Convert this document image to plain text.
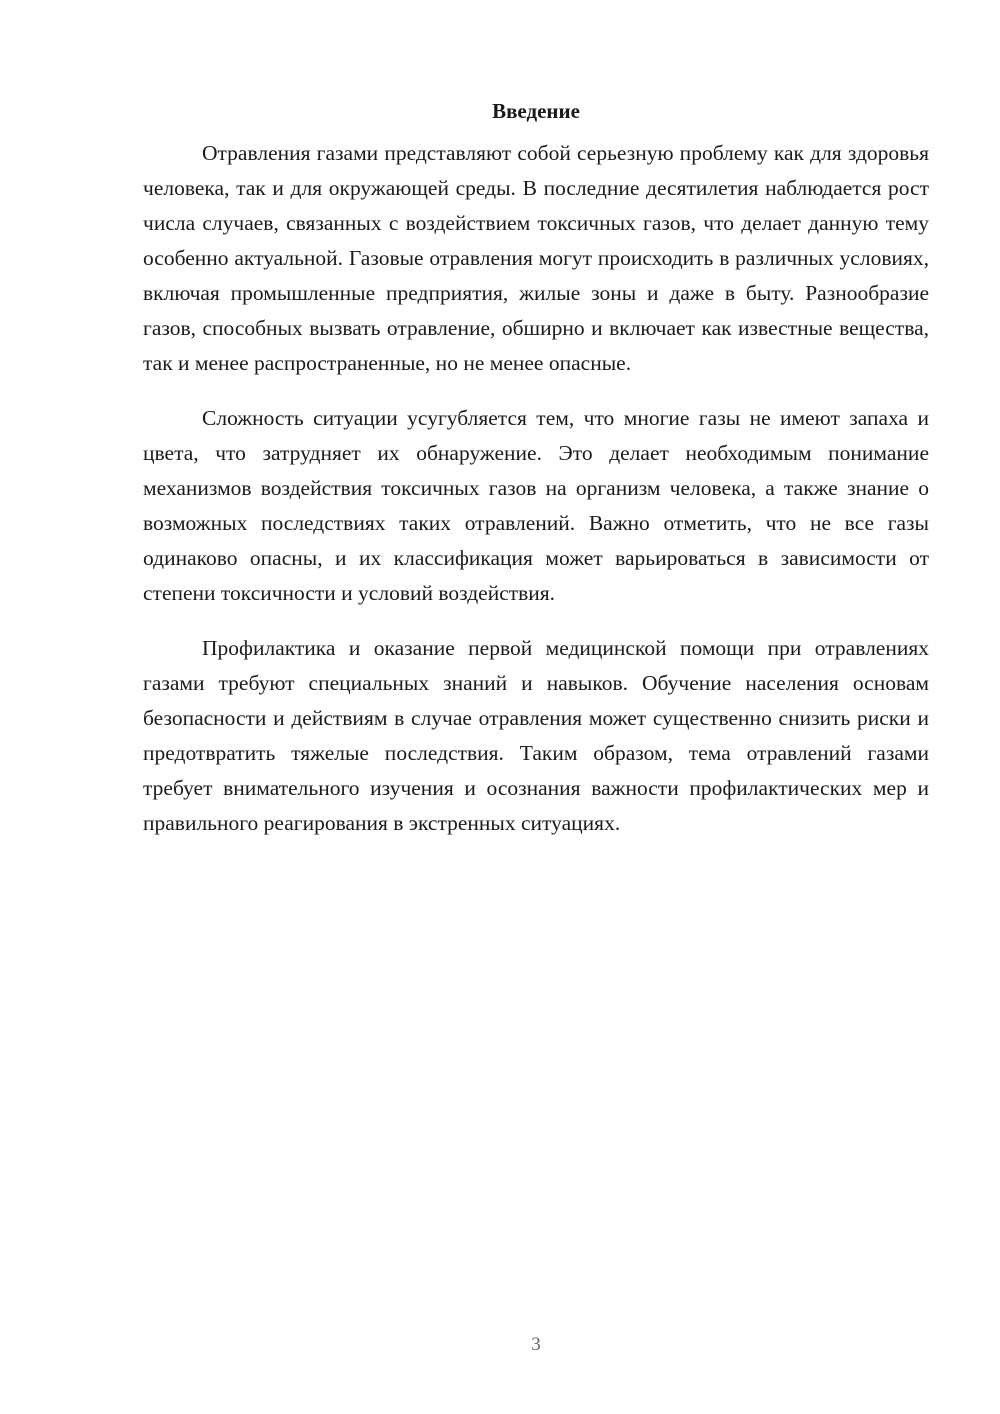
Введение

Отравления газами представляют собой серьезную проблему как для здоровья человека, так и для окружающей среды. В последние десятилетия наблюдается рост числа случаев, связанных с воздействием токсичных газов, что делает данную тему особенно актуальной. Газовые отравления могут происходить в различных условиях, включая промышленные предприятия, жилые зоны и даже в быту. Разнообразие газов, способных вызвать отравление, обширно и включает как известные вещества, так и менее распространенные, но не менее опасные.

Сложность ситуации усугубляется тем, что многие газы не имеют запаха и цвета, что затрудняет их обнаружение. Это делает необходимым понимание механизмов воздействия токсичных газов на организм человека, а также знание о возможных последствиях таких отравлений. Важно отметить, что не все газы одинаково опасны, и их классификация может варьироваться в зависимости от степени токсичности и условий воздействия.

Профилактика и оказание первой медицинской помощи при отравлениях газами требуют специальных знаний и навыков. Обучение населения основам безопасности и действиям в случае отравления может существенно снизить риски и предотвратить тяжелые последствия. Таким образом, тема отравлений газами требует внимательного изучения и осознания важности профилактических мер и правильного реагирования в экстренных ситуациях.

3
